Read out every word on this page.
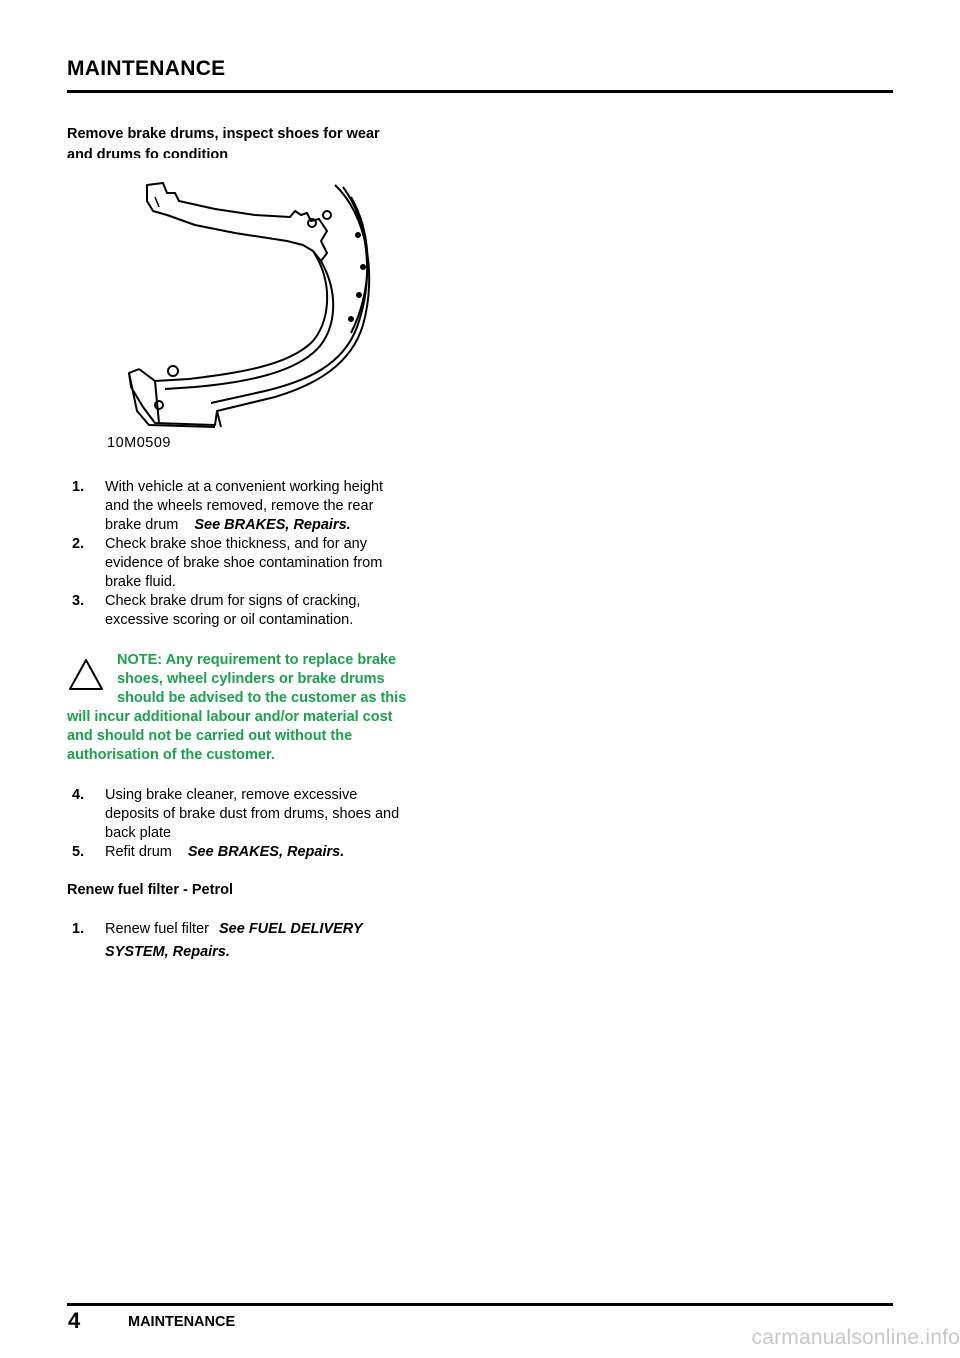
MAINTENANCE
Remove brake drums, inspect shoes for wear
and drums fo condition
10M0509
1. With vehicle at a convenient working height
and the wheels removed, remove the rear
brake drum See BRAKES, Repairs.
2. Check brake shoe thickness, and for any
evidence of brake shoe contamination from
brake fluid.
3. Check brake drum for signs of cracking,
excessive scoring or oil contamination.
NOTE: Any requirement to replace brake
shoes, wheel cylinders or brake drums
should be advised to the customer as this
will incur additional labour and/or material cost
and should not be carried out without the
authorisation of the customer.
4. Using brake cleaner, remove excessive
deposits of brake dust from drums, shoes and
back plate
5. Refit drum See BRAKES, Repairs.
Renew fuel filter - Petrol
1. Renew fuel filter See FUEL DELIVERY
SYSTEM, Repairs.
4	MAINTENANCE
carmanualsonline.info
